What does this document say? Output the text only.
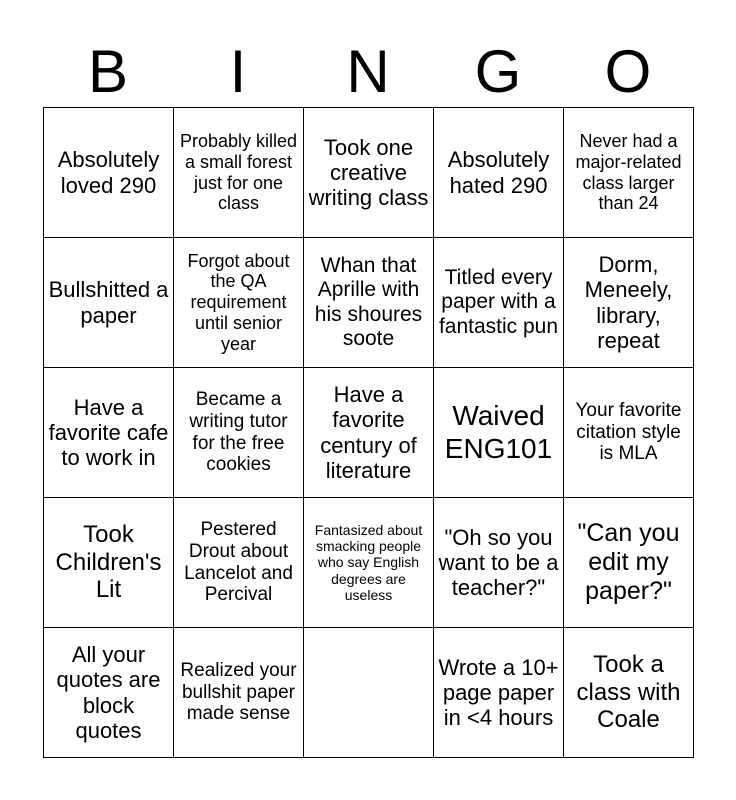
B	I	N	G	O
Absolutely loved 290	Probably killed a small forest just for one class	Took one creative writing class	Absolutely hated 290	Never had a major-related class larger than 24
Bullshitted a paper	Forgot about the QA requirement until senior year	Whan that Aprille with his shoures soote	Titled every paper with a fantastic pun	Dorm, Meneely, library, repeat
Have a favorite cafe to work in	Became a writing tutor for the free cookies	Have a favorite century of literature	Waived ENG101	Your favorite citation style is MLA
Took Children's Lit	Pestered Drout about Lancelot and Percival	Fantasized about smacking people who say English degrees are useless	"Oh so you want to be a teacher?"	"Can you edit my paper?"
All your quotes are block quotes	Realized your bullshit paper made sense		Wrote a 10+ page paper in <4 hours	Took a class with Coale
